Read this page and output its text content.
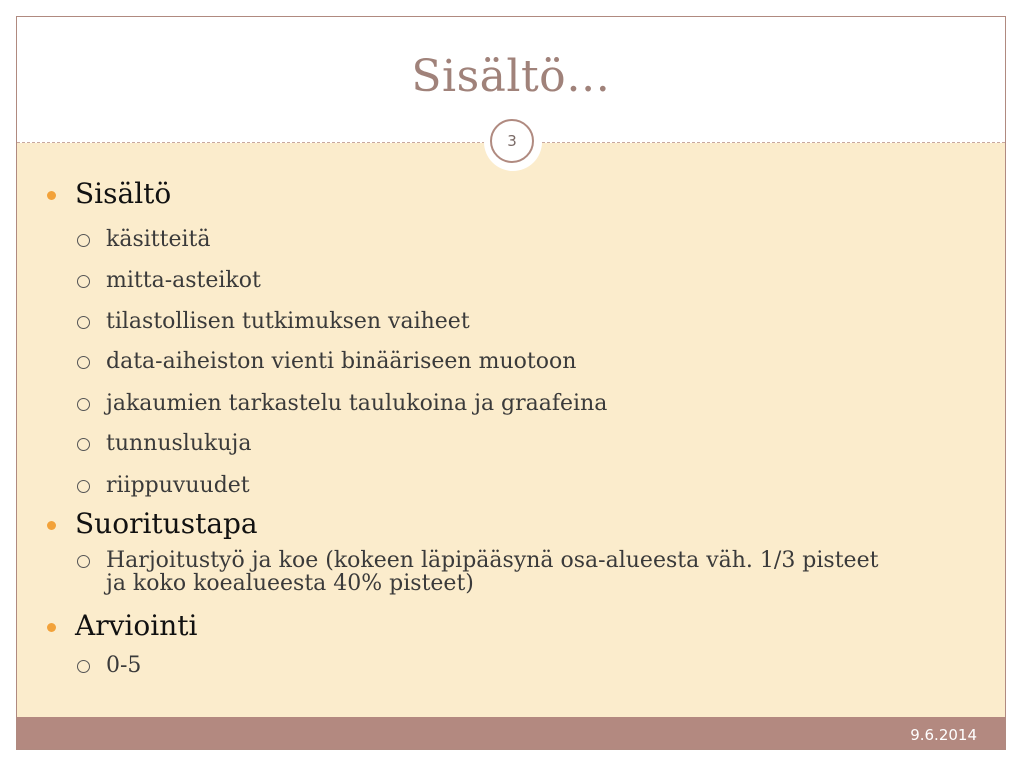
Sisältö…
3
Sisältö
käsitteitä
mitta-asteikot
tilastollisen tutkimuksen vaiheet
data-aiheiston vienti binääriseen muotoon
jakaumien tarkastelu taulukoina ja graafeina
tunnuslukuja
riippuvuudet
Suoritustapa
Harjoitustyö ja koe (kokeen läpipääsynä osa-alueesta väh. 1/3 pisteet
ja koko koealueesta 40% pisteet)
Arviointi
0-5
9.6.2014
